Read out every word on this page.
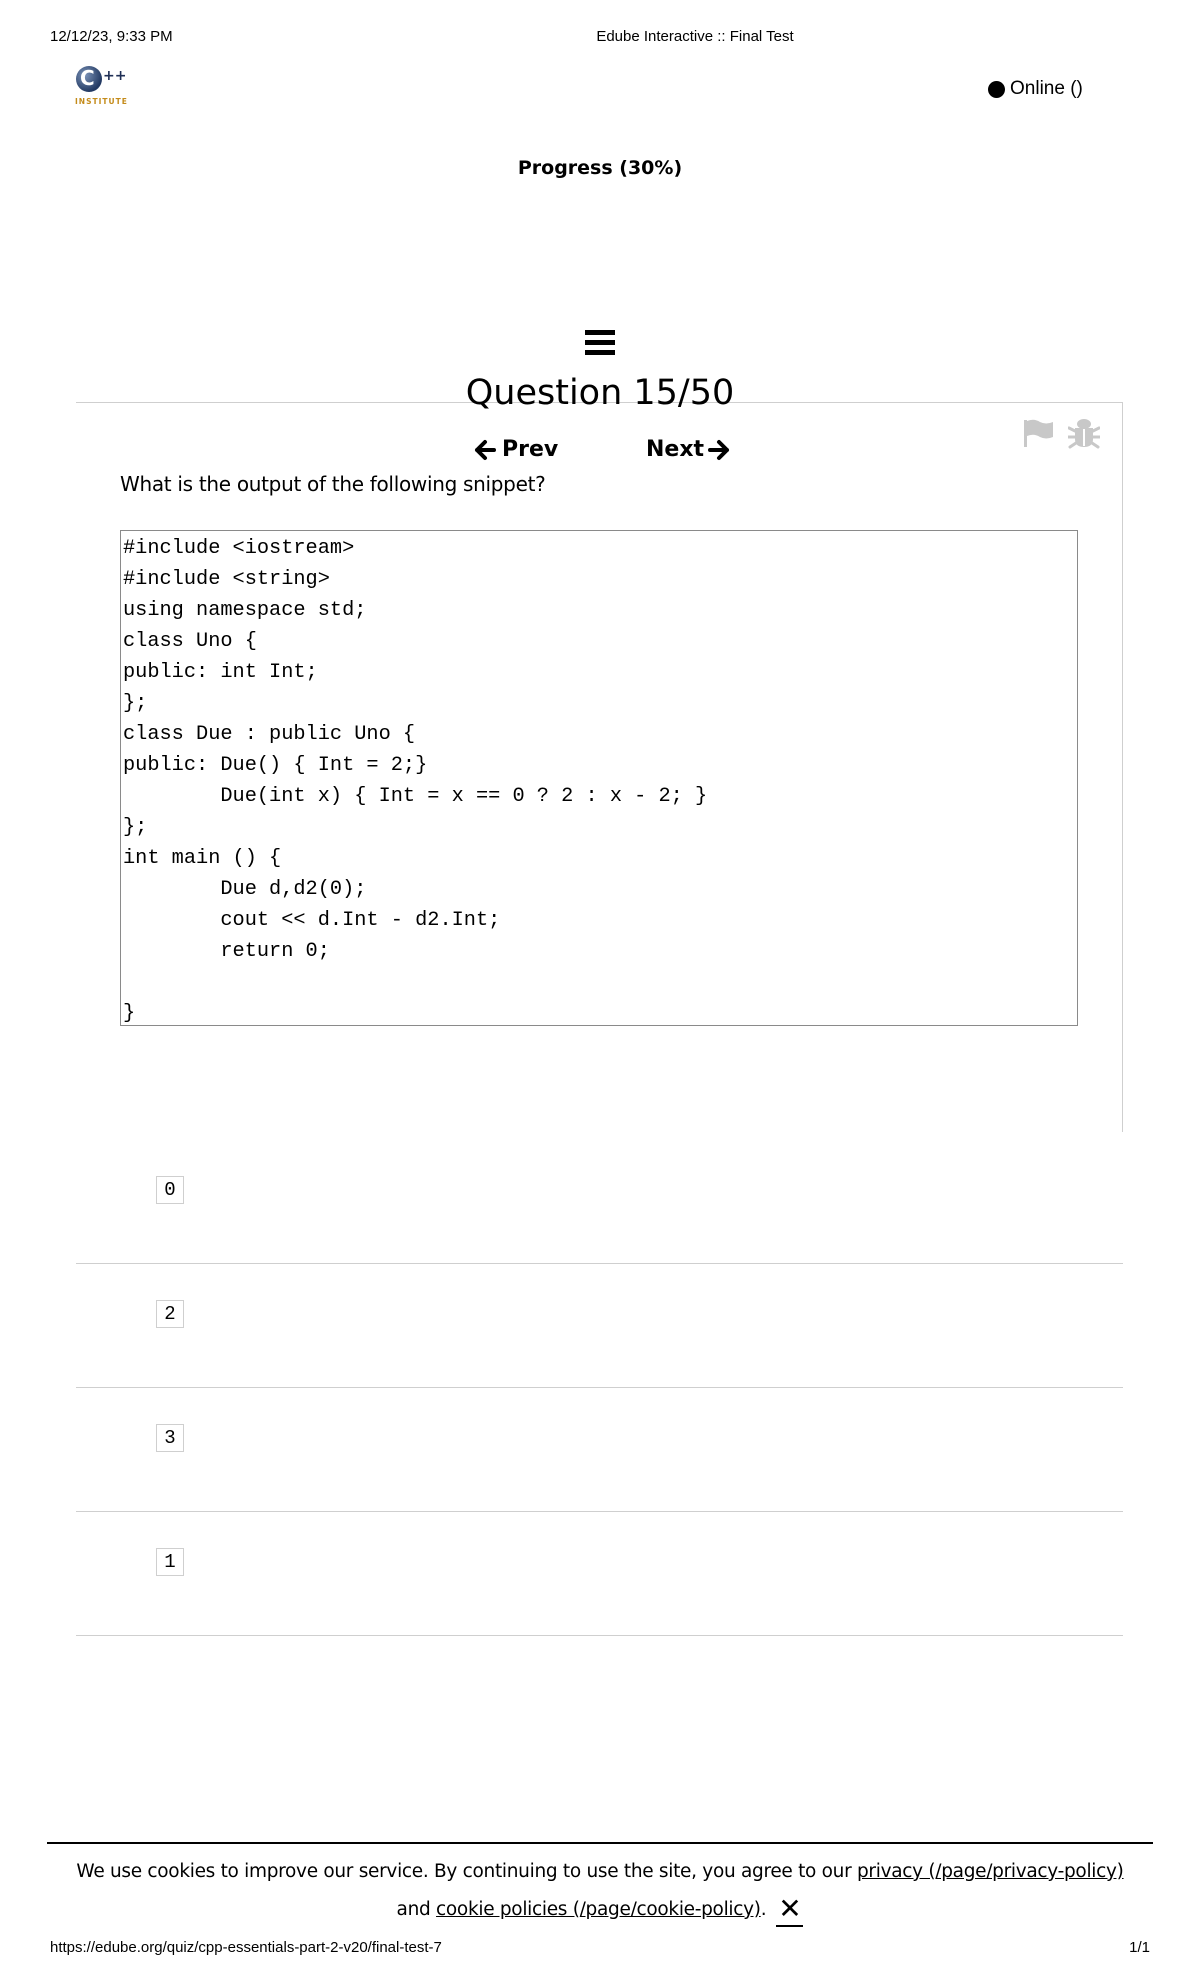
12/12/23, 9:33 PM	Edube Interactive :: Final Test
C ++
INSTITUTE
Online ()
Progress (30%)
Question 15/50
Prev	Next
What is the output of the following snippet?
#include <iostream>
#include <string>
using namespace std;
class Uno {
public: int Int;
};
class Due : public Uno {
public: Due() { Int = 2;}
Due(int x) { Int = x == 0 ? 2 : x - 2; }
};
int main () {
Due d,d2(0);
cout << d.Int - d2.Int;
return 0;
}
0
2
3
1
We use cookies to improve our service. By continuing to use the site, you agree to our privacy (/page/privacy-policy) and cookie policies (/page/cookie-policy). ✕
https://edube.org/quiz/cpp-essentials-part-2-v20/final-test-7	1/1
